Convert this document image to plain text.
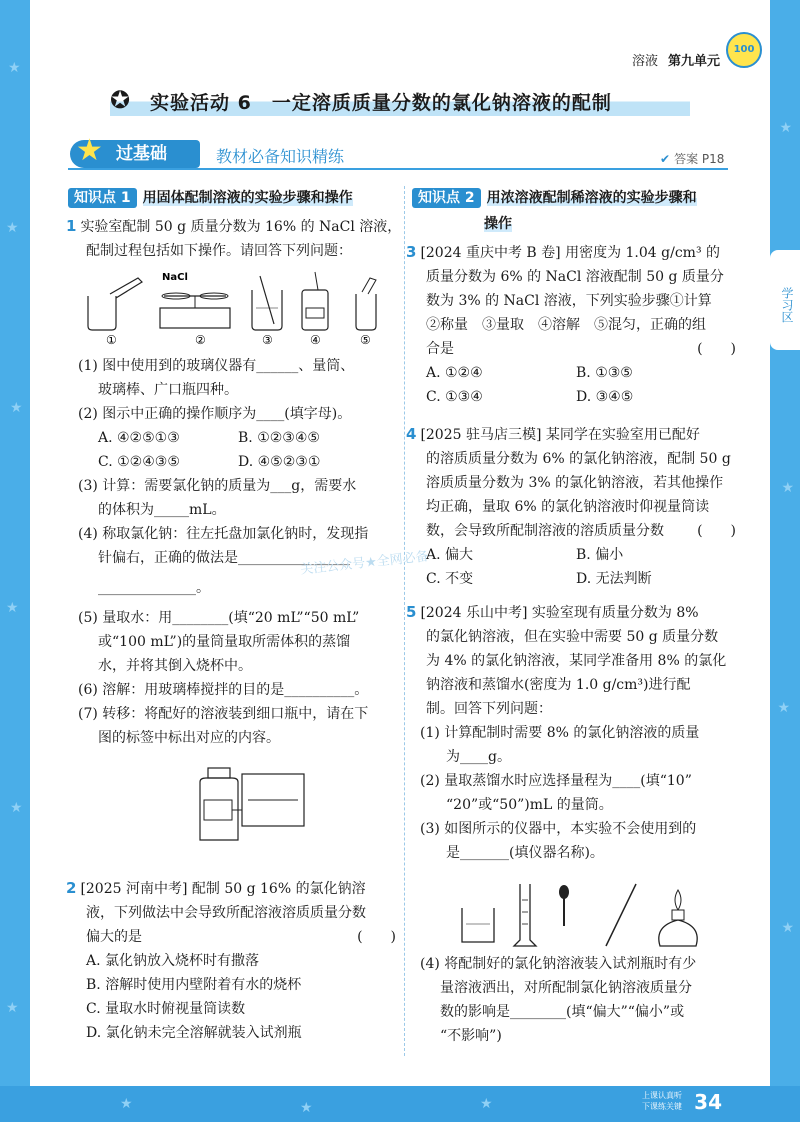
★
★
★
★
★
★
★
★
★
★
★	★	★
溶液 第九单元
100
✪ 实验活动 6　一定溶质质量分数的氯化钠溶液的配制
过基础
★	教材必备知识精练	✔ 答案 P18
学习区
知识点 1 用固体配制溶液的实验步骤和操作
1 实验室配制 50 g 质量分数为 16% 的 NaCl 溶液，
配制过程包括如下操作。请回答下列问题：
①
NaCl
②	③	④	⑤
(1) 图中使用到的玻璃仪器有______、量筒、
玻璃棒、广口瓶四种。
(2) 图示中正确的操作顺序为____(填字母)。
A. ④②⑤①③	B. ①②③④⑤
C. ①②④③⑤	D. ④⑤②③①
(3) 计算：需要氯化钠的质量为___g，需要水
的体积为_____mL。
(4) 称取氯化钠：往左托盘加氯化钠时，发现指
针偏右，正确的做法是________________
______________。
(5) 量取水：用________(填“20 mL”“50 mL”
或“100 mL”)的量筒量取所需体积的蒸馏
水，并将其倒入烧杯中。
(6) 溶解：用玻璃棒搅拌的目的是__________。
(7) 转移：将配好的溶液装到细口瓶中，请在下
图的标签中标出对应的内容。
2 [2025 河南中考] 配制 50 g 16% 的氯化钠溶
液，下列做法中会导致所配溶液溶质质量分数
偏大的是	(　　)
A. 氯化钠放入烧杯时有撒落
B. 溶解时使用内壁附着有水的烧杯
C. 量取水时俯视量筒读数
D. 氯化钠未完全溶解就装入试剂瓶
知识点 2 用浓溶液配制稀溶液的实验步骤和
操作
3 [2024 重庆中考 B 卷] 用密度为 1.04 g/cm³ 的
质量分数为 6% 的 NaCl 溶液配制 50 g 质量分
数为 3% 的 NaCl 溶液，下列实验步骤①计算
②称量　③量取　④溶解　⑤混匀，正确的组
合是	(　　)
A. ①②④	B. ①③⑤
C. ①③④	D. ③④⑤
4 [2025 驻马店三模] 某同学在实验室用已配好
的溶质质量分数为 6% 的氯化钠溶液，配制 50 g
溶质质量分数为 3% 的氯化钠溶液，若其他操作
均正确，量取 6% 的氯化钠溶液时仰视量筒读
数，会导致所配制溶液的溶质质量分数 (　　)
A. 偏大	B. 偏小
C. 不变	D. 无法判断
5 [2024 乐山中考] 实验室现有质量分数为 8%
的氯化钠溶液，但在实验中需要 50 g 质量分数
为 4% 的氯化钠溶液，某同学准备用 8% 的氯化
钠溶液和蒸馏水(密度为 1.0 g/cm³)进行配
制。回答下列问题：
(1) 计算配制时需要 8% 的氯化钠溶液的质量
为____g。
(2) 量取蒸馏水时应选择量程为____(填“10”
“20”或“50”)mL 的量筒。
(3) 如图所示的仪器中，本实验不会使用到的
是_______(填仪器名称)。
(4) 将配制好的氯化钠溶液装入试剂瓶时有少
量溶液洒出，对所配制氯化钠溶液质量分
数的影响是________(填“偏大”“偏小”或
“不影响”)
关注公众号★全网必备
上课认真听
下课练关键 34
